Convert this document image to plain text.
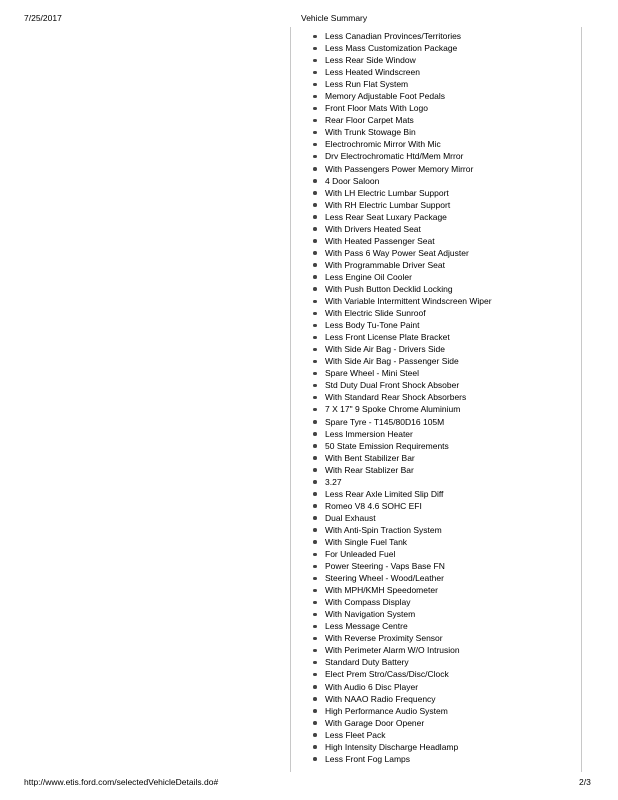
7/25/2017	Vehicle Summary
Less Canadian Provinces/Territories
Less Mass Customization Package
Less Rear Side Window
Less Heated Windscreen
Less Run Flat System
Memory Adjustable Foot Pedals
Front Floor Mats With Logo
Rear Floor Carpet Mats
With Trunk Stowage Bin
Electrochromic Mirror With Mic
Drv Electrochromatic Htd/Mem Mrror
With Passengers Power Memory Mirror
4 Door Saloon
With LH Electric Lumbar Support
With RH Electric Lumbar Support
Less Rear Seat Luxary Package
With Drivers Heated Seat
With Heated Passenger Seat
With Pass 6 Way Power Seat Adjuster
With Programmable Driver Seat
Less Engine Oil Cooler
With Push Button Decklid Locking
With Variable Intermittent Windscreen Wiper
With Electric Slide Sunroof
Less Body Tu-Tone Paint
Less Front License Plate Bracket
With Side Air Bag - Drivers Side
With Side Air Bag - Passenger Side
Spare Wheel - Mini Steel
Std Duty Dual Front Shock Absober
With Standard Rear Shock Absorbers
7 X 17" 9 Spoke Chrome Aluminium
Spare Tyre - T145/80D16 105M
Less Immersion Heater
50 State Emission Requirements
With Bent Stabilizer Bar
With Rear Stablizer Bar
3.27
Less Rear Axle Limited Slip Diff
Romeo V8 4.6 SOHC EFI
Dual Exhaust
With Anti-Spin Traction System
With Single Fuel Tank
For Unleaded Fuel
Power Steering - Vaps Base FN
Steering Wheel - Wood/Leather
With MPH/KMH Speedometer
With Compass Display
With Navigation System
Less Message Centre
With Reverse Proximity Sensor
With Perimeter Alarm W/O Intrusion
Standard Duty Battery
Elect Prem Stro/Cass/Disc/Clock
With Audio 6 Disc Player
With NAAO Radio Frequency
High Performance Audio System
With Garage Door Opener
Less Fleet Pack
High Intensity Discharge Headlamp
Less Front Fog Lamps
http://www.etis.ford.com/selectedVehicleDetails.do#	2/3
